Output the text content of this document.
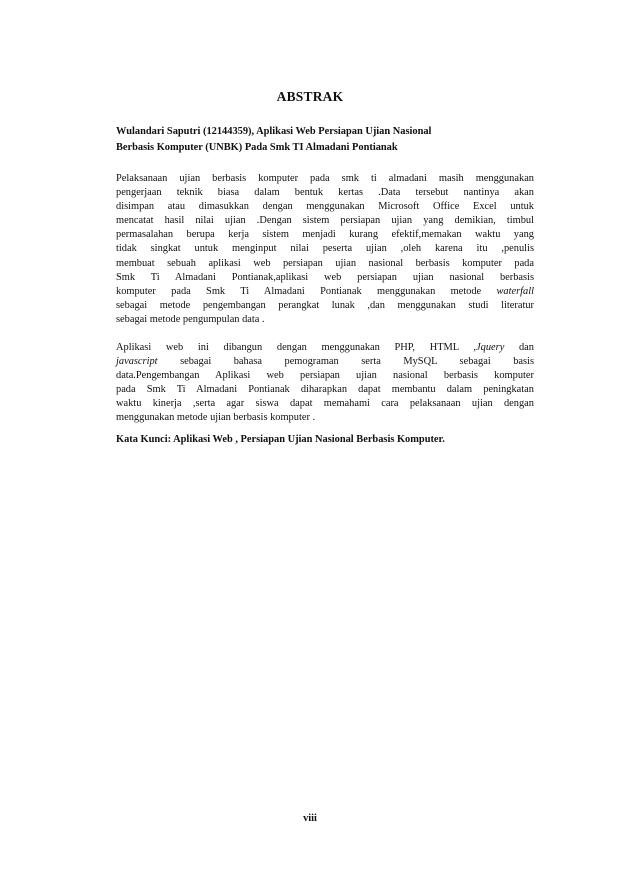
ABSTRAK
Wulandari Saputri (12144359), Aplikasi Web Persiapan Ujian Nasional
Berbasis Komputer (UNBK) Pada Smk TI Almadani Pontianak
Pelaksanaan ujian berbasis komputer pada smk ti almadani masih menggunakan
pengerjaan teknik biasa dalam bentuk kertas .Data tersebut nantinya akan
disimpan atau dimasukkan dengan menggunakan Microsoft Office Excel untuk
mencatat hasil nilai ujian .Dengan sistem persiapan ujian yang demikian, timbul
permasalahan berupa kerja sistem menjadi kurang efektif,memakan waktu yang
tidak singkat untuk menginput nilai peserta ujian ,oleh karena itu ,penulis
membuat sebuah aplikasi web persiapan ujian nasional berbasis komputer pada
Smk Ti Almadani Pontianak,aplikasi web persiapan ujian nasional berbasis
komputer pada Smk Ti Almadani Pontianak menggunakan metode waterfall
sebagai metode pengembangan perangkat lunak ,dan menggunakan studi literatur
sebagai metode pengumpulan data .
Aplikasi web ini dibangun dengan menggunakan PHP, HTML ,Jquery dan
javascript sebagai bahasa pemograman serta MySQL sebagai basis
data.Pengembangan Aplikasi web persiapan ujian nasional berbasis komputer
pada Smk Ti Almadani Pontianak diharapkan dapat membantu dalam peningkatan
waktu kinerja ,serta agar siswa dapat memahami cara pelaksanaan ujian dengan
menggunakan metode ujian berbasis komputer .
Kata Kunci: Aplikasi Web , Persiapan Ujian Nasional Berbasis Komputer.
viii
